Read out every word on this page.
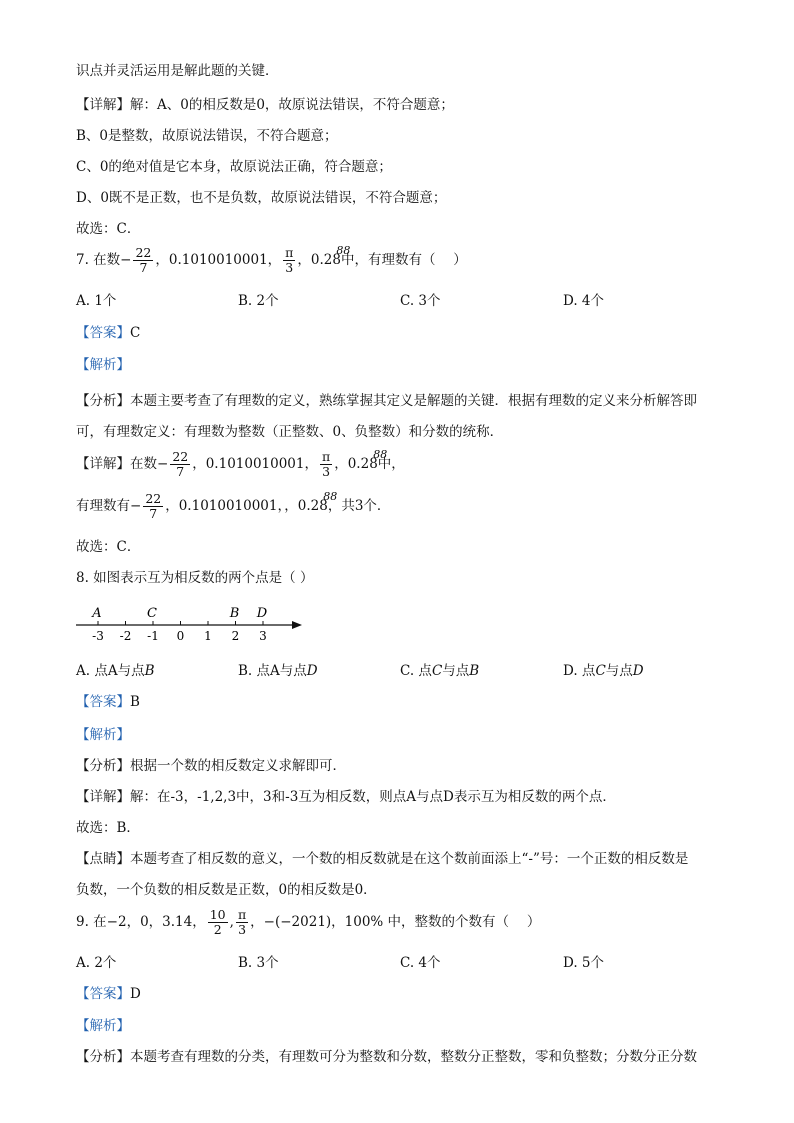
识点并灵活运用是解此题的关键．
【详解】解：A、0的相反数是0，故原说法错误，不符合题意；
B、0是整数，故原说法错误，不符合题意；
C、0的绝对值是它本身，故原说法正确，符合题意；
D、0既不是正数，也不是负数，故原说法错误，不符合题意；
故选：C．
7. 在数− $\frac{22}{7}$ ，0.1010010001， $\frac{\pi}{3}$ ，0.2
88
8中，有理数有（　 ）
A. 1个	B. 2个	C. 3个	D. 4个
【答案】C
【解析】
【分析】本题主要考查了有理数的定义，熟练掌握其定义是解题的关键．根据有理数的定义来分析解答即
可，有理数定义：有理数为整数（正整数、0、负整数）和分数的统称．
【详解】在数− $\frac{22}{7}$ ，0.1010010001， $\frac{\pi}{3}$ ，0.2
88
8中，
有理数有− $\frac{22}{7}$ ，0.1010010001，，0.2
88
8，共3个．
故选：C．
8. 如图表示互为相反数的两个点是（ ）
-3 -2 -1 0 1 2 3
A	C	B D
A. 点A与点B	B. 点A与点D	C. 点C与点B	D. 点C与点D
【答案】B
【解析】
【分析】根据一个数的相反数定义求解即可．
【详解】解：在-3，-1,2,3中，3和-3互为相反数，则点A与点D表示互为相反数的两个点．
故选：B．
【点睛】本题考查了相反数的意义，一个数的相反数就是在这个数前面添上“-”号：一个正数的相反数是
负数，一个负数的相反数是正数，0的相反数是0．
9. 在−2，0，3.14， $\frac{10}{2}$ , $\frac{\pi}{3}$ ，−(−2021)，100% 中，整数的个数有（　 ）
A. 2个	B. 3个	C. 4个	D. 5个
【答案】D
【解析】
【分析】本题考查有理数的分类，有理数可分为整数和分数，整数分正整数，零和负整数；分数分正分数
